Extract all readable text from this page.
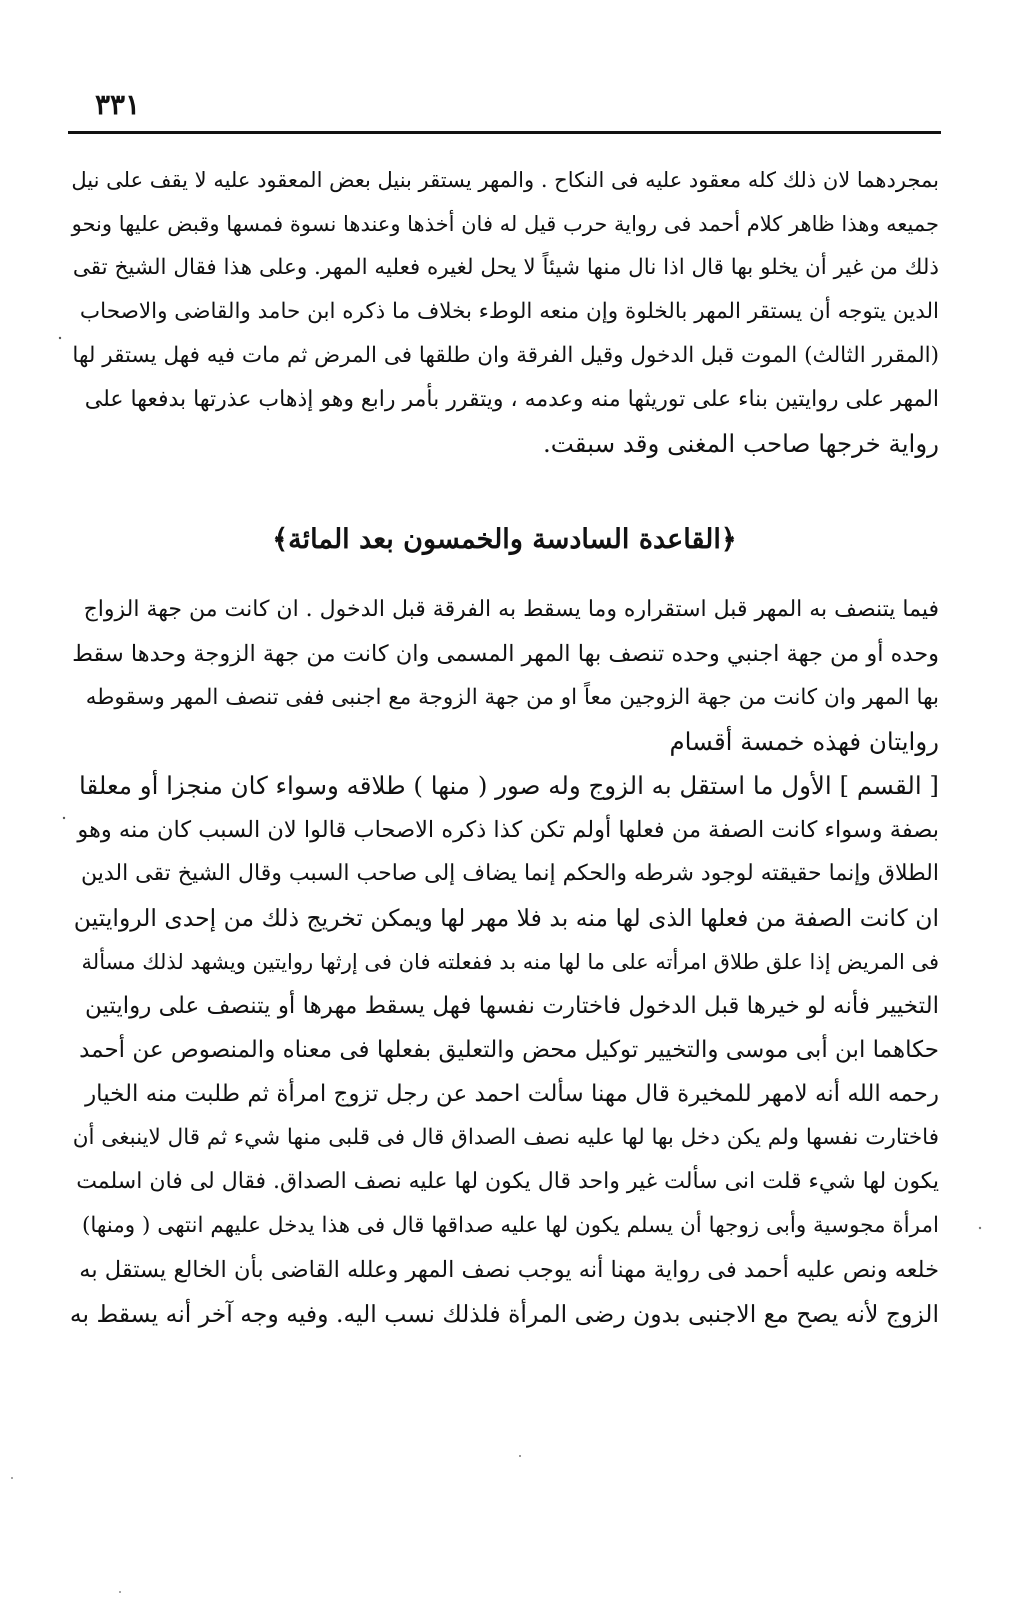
٣٣١
بمجردهما لان ذلك كله معقود عليه فى النكاح . والمهر يستقر بنيل بعض المعقود عليه لا يقف على نيل
جميعه وهذا ظاهر كلام أحمد فى رواية حرب قيل له فان أخذها وعندها نسوة فمسها وقبض عليها ونحو
ذلك من غير أن يخلو بها قال اذا نال منها شيئاً لا يحل لغيره فعليه المهر. وعلى هذا فقال الشيخ تقى
الدين يتوجه أن يستقر المهر بالخلوة وإن منعه الوطء بخلاف ما ذكره ابن حامد والقاضى والاصحاب
(المقرر الثالث) الموت قبل الدخول وقيل الفرقة وان طلقها فى المرض ثم مات فيه فهل يستقر لها
المهر على روايتين بناء على توريثها منه وعدمه ، ويتقرر بأمر رابع وهو إذهاب عذرتها بدفعها على
رواية خرجها صاحب المغنى وقد سبقت.
﴿القاعدة السادسة والخمسون بعد المائة﴾
فيما يتنصف به المهر قبل استقراره وما يسقط به الفرقة قبل الدخول . ان كانت من جهة الزواج
وحده أو من جهة اجنبي وحده تنصف بها المهر المسمى وان كانت من جهة الزوجة وحدها سقط
بها المهر وان كانت من جهة الزوجين معاً او من جهة الزوجة مع اجنبى ففى تنصف المهر وسقوطه
روايتان فهذه خمسة أقسام
[ القسم ] الأول ما استقل به الزوج وله صور ( منها ) طلاقه وسواء كان منجزا أو معلقا
بصفة وسواء كانت الصفة من فعلها أولم تكن كذا ذكره الاصحاب قالوا لان السبب كان منه وهو
الطلاق وإنما حقيقته لوجود شرطه والحكم إنما يضاف إلى صاحب السبب وقال الشيخ تقى الدين
ان كانت الصفة من فعلها الذى لها منه بد فلا مهر لها ويمكن تخريج ذلك من إحدى الروايتين
فى المريض إذا علق طلاق امرأته على ما لها منه بد ففعلته فان فى إرثها روايتين ويشهد لذلك مسألة
التخيير فأنه لو خيرها قبل الدخول فاختارت نفسها فهل يسقط مهرها أو يتنصف على روايتين
حكاهما ابن أبى موسى والتخيير توكيل محض والتعليق بفعلها فى معناه والمنصوص عن أحمد
رحمه الله أنه لامهر للمخيرة قال مهنا سألت احمد عن رجل تزوج امرأة ثم طلبت منه الخيار
فاختارت نفسها ولم يكن دخل بها لها عليه نصف الصداق قال فى قلبى منها شيء ثم قال لاينبغى أن
يكون لها شيء قلت انى سألت غير واحد قال يكون لها عليه نصف الصداق. فقال لى فان اسلمت
امرأة مجوسية وأبى زوجها أن يسلم يكون لها عليه صداقها قال فى هذا يدخل عليهم انتهى ( ومنها)
خلعه ونص عليه أحمد فى رواية مهنا أنه يوجب نصف المهر وعلله القاضى بأن الخالع يستقل به
الزوج لأنه يصح مع الاجنبى بدون رضى المرأة فلذلك نسب اليه. وفيه وجه آخر أنه يسقط به
